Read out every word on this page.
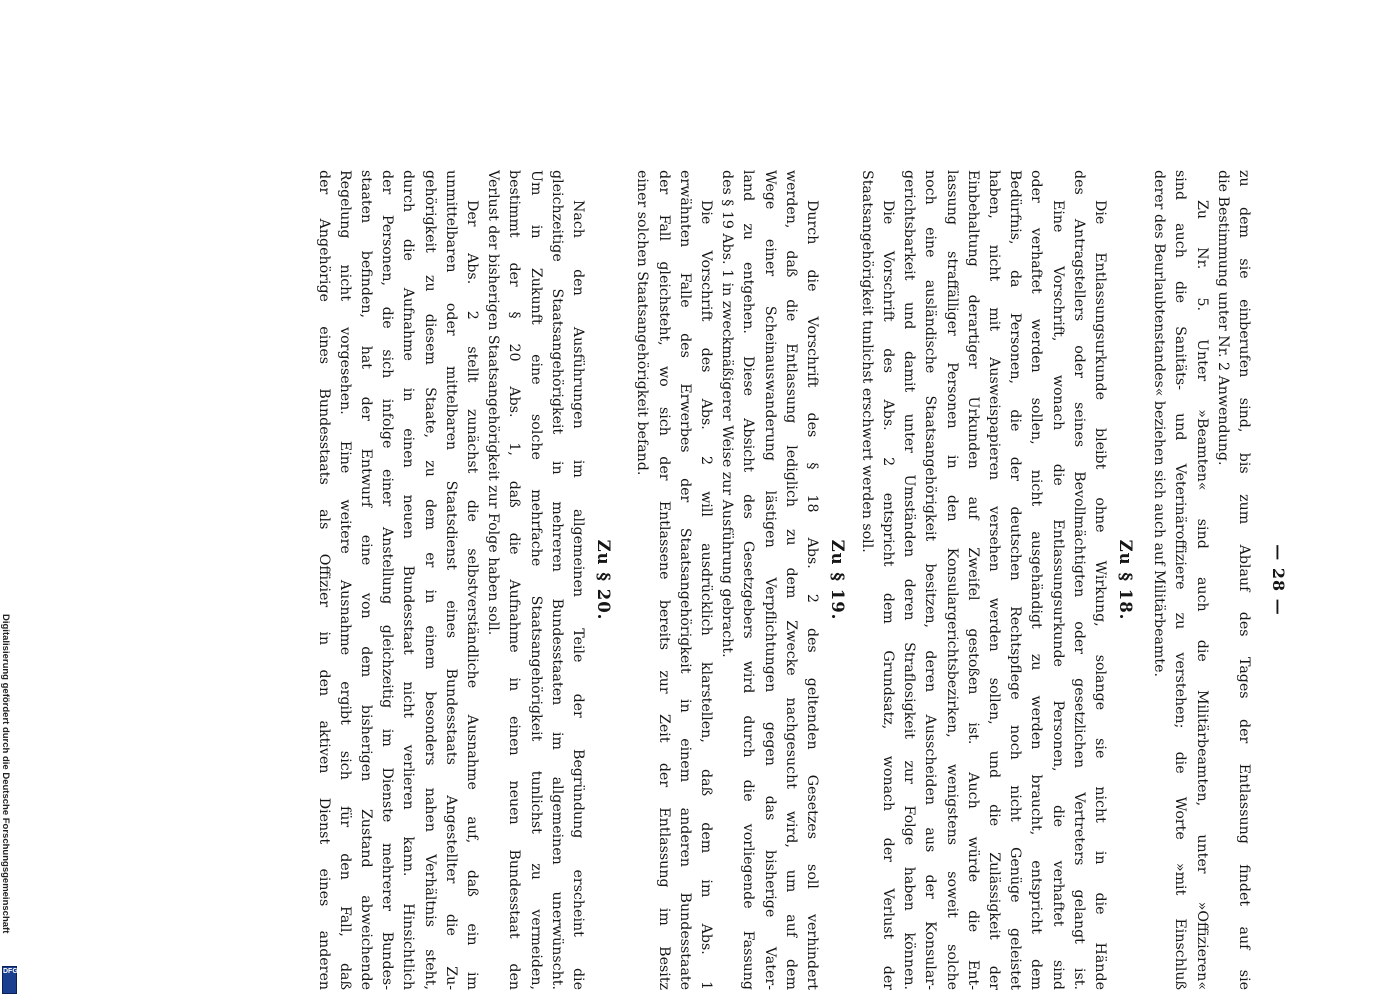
— 28 —
zu dem sie einberufen sind, bis zum Ablauf des Tages der Entlassung findet auf sie
die Bestimmung unter Nr. 2 Anwendung.
Zu Nr. 5. Unter »Beamten« sind auch die Militärbeamten, unter »Offizieren«
sind auch die Sanitäts- und Veterinäroffiziere zu verstehen; die Worte »mit Einschluß
derer des Beurlaubtenstandes« beziehen sich auch auf Militärbeamte.
Zu § 18.
Die Entlassungsurkunde bleibt ohne Wirkung, solange sie nicht in die Hände
des Antragstellers oder seines Bevollmächtigten oder gesetzlichen Vertreters gelangt ist.
Eine Vorschrift, wonach die Entlassungsurkunde Personen, die verhaftet sind
oder verhaftet werden sollen, nicht ausgehändigt zu werden braucht, entspricht dem
Bedürfnis, da Personen, die der deutschen Rechtspflege noch nicht Genüge geleistet
haben, nicht mit Ausweispapieren versehen werden sollen, und die Zulässigkeit der
Einbehaltung derartiger Urkunden auf Zweifel gestoßen ist. Auch würde die Ent-
lassung straffälliger Personen in den Konsulargerichtsbezirken, wenigstens soweit solche
noch eine ausländische Staatsangehörigkeit besitzen, deren Ausscheiden aus der Konsular-
gerichtsbarkeit und damit unter Umständen deren Straflosigkeit zur Folge haben können.
Die Vorschrift des Abs. 2 entspricht dem Grundsatz, wonach der Verlust der
Staatsangehörigkeit tunlichst erschwert werden soll.
Zu § 19.
Durch die Vorschrift des § 18 Abs. 2 des geltenden Gesetzes soll verhindert
werden, daß die Entlassung lediglich zu dem Zwecke nachgesucht wird, um auf dem
Wege einer Scheinauswanderung lästigen Verpflichtungen gegen das bisherige Vater-
land zu entgehen. Diese Absicht des Gesetzgebers wird durch die vorliegende Fassung
des § 19 Abs. 1 in zweckmäßigerer Weise zur Ausführung gebracht.
Die Vorschrift des Abs. 2 will ausdrücklich klarstellen, daß dem im Abs. 1
erwähnten Falle des Erwerbes der Staatsangehörigkeit in einem anderen Bundesstaate
der Fall gleichsteht, wo sich der Entlassene bereits zur Zeit der Entlassung im Besitz
einer solchen Staatsangehörigkeit befand.
Zu § 20.
Nach den Ausführungen im allgemeinen Teile der Begründung erscheint die
gleichzeitige Staatsangehörigkeit in mehreren Bundesstaaten im allgemeinen unerwünscht.
Um in Zukunft eine solche mehrfache Staatsangehörigkeit tunlichst zu vermeiden,
bestimmt der § 20 Abs. 1, daß die Aufnahme in einen neuen Bundesstaat den
Verlust der bisherigen Staatsangehörigkeit zur Folge haben soll.
Der Abs. 2 stellt zunächst die selbstverständliche Ausnahme auf, daß ein im
unmittelbaren oder mittelbaren Staatsdienst eines Bundesstaats Angestellter die Zu-
gehörigkeit zu diesem Staate, zu dem er in einem besonders nahen Verhältnis steht,
durch die Aufnahme in einen neuen Bundesstaat nicht verlieren kann. Hinsichtlich
der Personen, die sich infolge einer Anstellung gleichzeitig im Dienste mehrerer Bundes-
staaten befinden, hat der Entwurf eine von dem bisherigen Zustand abweichende
Regelung nicht vorgesehen. Eine weitere Ausnahme ergibt sich für den Fall, daß
der Angehörige eines Bundesstaats als Offizier in den aktiven Dienst eines anderen
Digitalisierung gefördert durch die Deutsche Forschungsgemeinschaft
DFG
